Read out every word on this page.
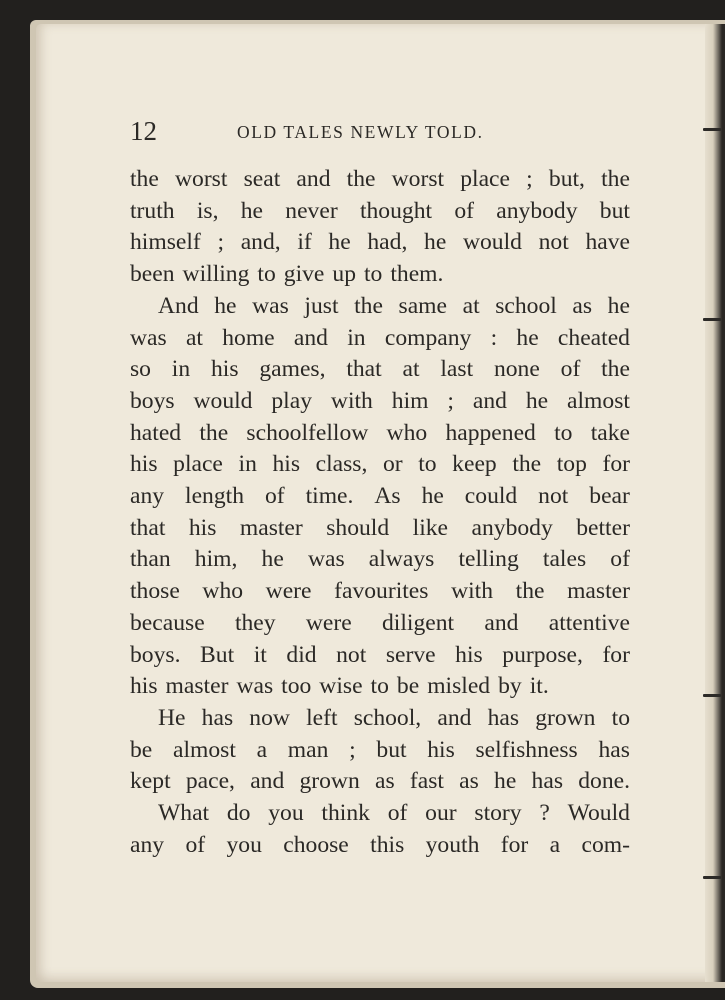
12	OLD TALES NEWLY TOLD.
the worst seat and the worst place ; but, the
truth is, he never thought of anybody but
himself ; and, if he had, he would not have
been willing to give up to them.
And he was just the same at school as he
was at home and in company : he cheated
so in his games, that at last none of the
boys would play with him ; and he almost
hated the schoolfellow who happened to take
his place in his class, or to keep the top for
any length of time. As he could not bear
that his master should like anybody better
than him, he was always telling tales of
those who were favourites with the master
because they were diligent and attentive
boys. But it did not serve his purpose, for
his master was too wise to be misled by it.
He has now left school, and has grown to
be almost a man ; but his selfishness has
kept pace, and grown as fast as he has done.
What do you think of our story ? Would
any of you choose this youth for a com-
